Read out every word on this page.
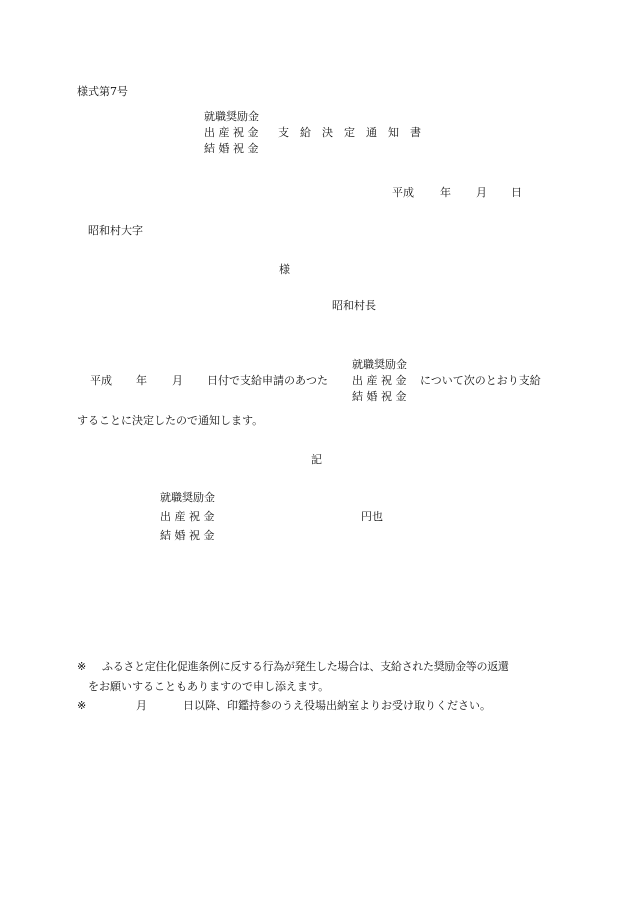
様式第7号
就職奨励金
出 産 祝 金
結 婚 祝 金
支　給　決　定　通　知　書
平成 年 月 日
昭和村大字
様
昭和村長
平成 年 月 日付で支給申請のあつた
就職奨励金
出 産 祝 金
結 婚 祝 金
について次のとおり支給
することに決定したので通知します。
記
就職奨励金
出 産 祝 金
結 婚 祝 金
円也
※ ふるさと定住化促進条例に反する行為が発生した場合は、支給された奨励金等の返還
をお願いすることもありますので申し添えます。
※	月	日以降、印鑑持参のうえ役場出納室よりお受け取りください。
